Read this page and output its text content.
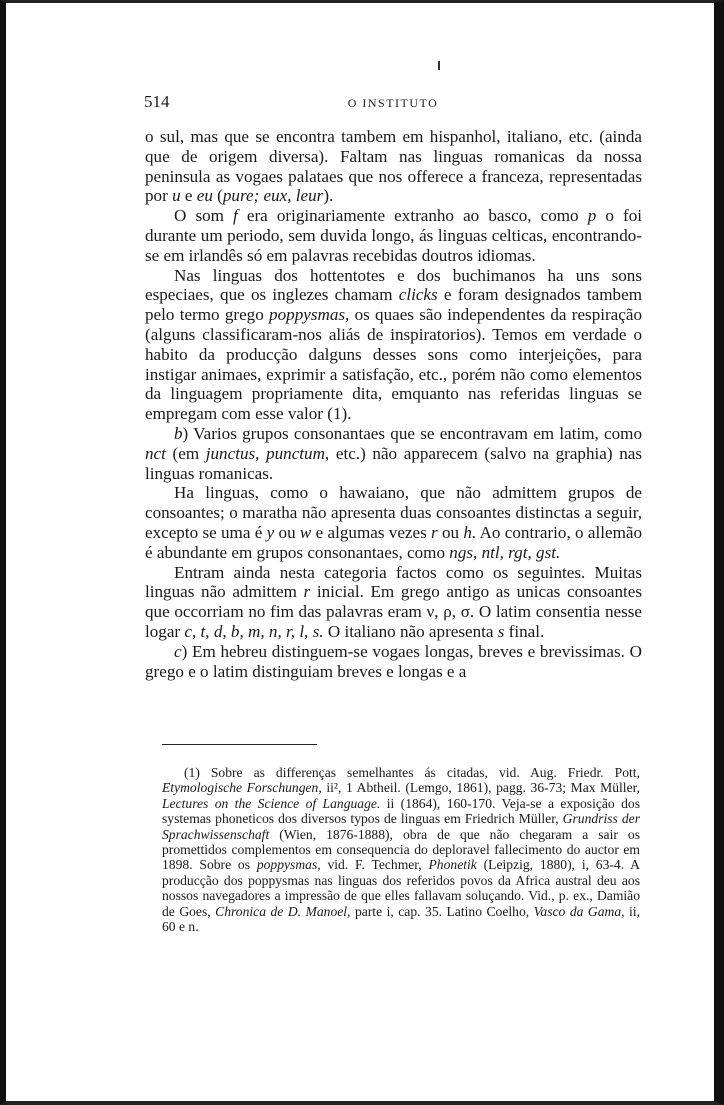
514	O INSTITUTO

o sul, mas que se encontra tambem em hispanhol, italiano, etc. (ainda que de origem diversa). Faltam nas linguas romanicas da nossa peninsula as vogaes palataes que nos offerece a franceza, representadas por u e eu (pure; eux, leur).

O som f era originariamente extranho ao basco, como p o foi durante um periodo, sem duvida longo, ás linguas celticas, encontrando-se em irlandês só em palavras recebidas doutros idiomas.

Nas linguas dos hottentotes e dos buchimanos ha uns sons especiaes, que os inglezes chamam clicks e foram designados tambem pelo termo grego poppysmas, os quaes são independentes da respiração (alguns classificaram-nos aliás de inspiratorios). Temos em verdade o habito da producção dalguns desses sons como interjeições, para instigar animaes, exprimir a satisfação, etc., porém não como elementos da linguagem propriamente dita, emquanto nas referidas linguas se empregam com esse valor (1).

b) Varios grupos consonantaes que se encontravam em latim, como nct (em junctus, punctum, etc.) não apparecem (salvo na graphia) nas linguas romanicas.

Ha linguas, como o hawaiano, que não admittem grupos de consoantes; o maratha não apresenta duas consoantes distinctas a seguir, excepto se uma é y ou w e algumas vezes r ou h. Ao contrario, o allemão é abundante em grupos consonantaes, como ngs, ntl, rgt, gst.

Entram ainda nesta categoria factos como os seguintes. Muitas linguas não admittem r inicial. Em grego antigo as unicas consoantes que occorriam no fim das palavras eram ν, ρ, σ. O latim consentia nesse logar c, t, d, b, m, n, r, l, s. O italiano não apresenta s final.

c) Em hebreu distinguem-se vogaes longas, breves e brevissimas. O grego e o latim distinguiam breves e longas e a

(1) Sobre as differenças semelhantes ás citadas, vid. Aug. Friedr. Pott, Etymologische Forschungen, ii², 1 Abtheil. (Lemgo, 1861), pagg. 36-73; Max Müller, Lectures on the Science of Language. ii (1864), 160-170. Veja-se a exposição dos systemas phoneticos dos diversos typos de linguas em Friedrich Müller, Grundriss der Sprachwissenschaft (Wien, 1876-1888), obra de que não chegaram a sair os promettidos complementos em consequencia do deploravel fallecimento do auctor em 1898. Sobre os poppysmas, vid. F. Techmer, Phonetik (Leipzig, 1880), i, 63-4. A producção dos poppysmas nas linguas dos referidos povos da Africa austral deu aos nossos navegadores a impressão de que elles fallavam soluçando. Vid., p. ex., Damião de Goes, Chronica de D. Manoel, parte i, cap. 35. Latino Coelho, Vasco da Gama, ii, 60 e n.
